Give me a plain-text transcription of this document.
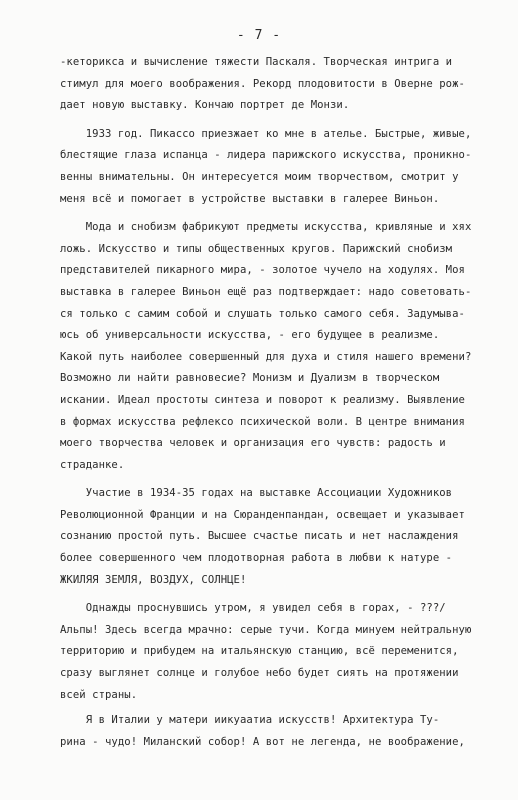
- 7 -
-кеторикса и вычисление тяжести Паскаля. Творческая интрига и
стимул для моего воображения. Рекорд плодовитости в Оверне рож-
дает новую выставку. Кончаю портрет де Монзи.
1933 год. Пикассо приезжает ко мне в ателье. Быстрые, живые,
блестящие глаза испанца - лидера парижского искусства, проникно-
венны внимательны. Он интересуется моим творчеством, смотрит у
меня всё и помогает в устройстве выставки в галерее Виньон.
Мода и снобизм фабрикуют предметы искусства, кривляные и хях
ложь. Искусство и типы общественных кругов. Парижский снобизм
представителей пикарного мира, - золотое чучело на ходулях. Моя
выставка в галерее Виньон ещё раз подтверждает: надо советовать-
ся только с самим собой и слушать только самого себя. Задумыва-
юсь об универсальности искусства, - его будущее в реализме.
Какой путь наиболее совершенный для духа и стиля нашего времени?
Возможно ли найти равновесие? Монизм и Дуализм в творческом
искании. Идеал простоты синтеза и поворот к реализму. Выявление
в формах искусства рефлексо психической воли. В центре внимания
моего творчества человек и организация его чувств: радость и
страданке.
Участие в 1934-35 годах на выставке Ассоциации Художников
Революционной Франции и на Сюранденпандан, освещает и указывает
сознанию простой путь. Высшее счастье писать и нет наслаждения
более совершенного чем плодотворная работа в любви к натуре -
ЖКИЛЯЯ ЗЕМЛЯ, ВОЗДУХ, СОЛНЦЕ!
Однажды проснувшись утром, я увидел себя в горах, - ???/
Альпы! Здесь всегда мрачно: серые тучи. Когда минуем нейтральную
территорию и прибудем на итальянскую станцию, всё переменится,
сразу выглянет солнце и голубое небо будет сиять на протяжении
всей страны.
Я в Италии у матери иикуаатиа искусств! Архитектура Ту-
рина - чудо! Миланский собор! А вот не легенда, не воображение,
